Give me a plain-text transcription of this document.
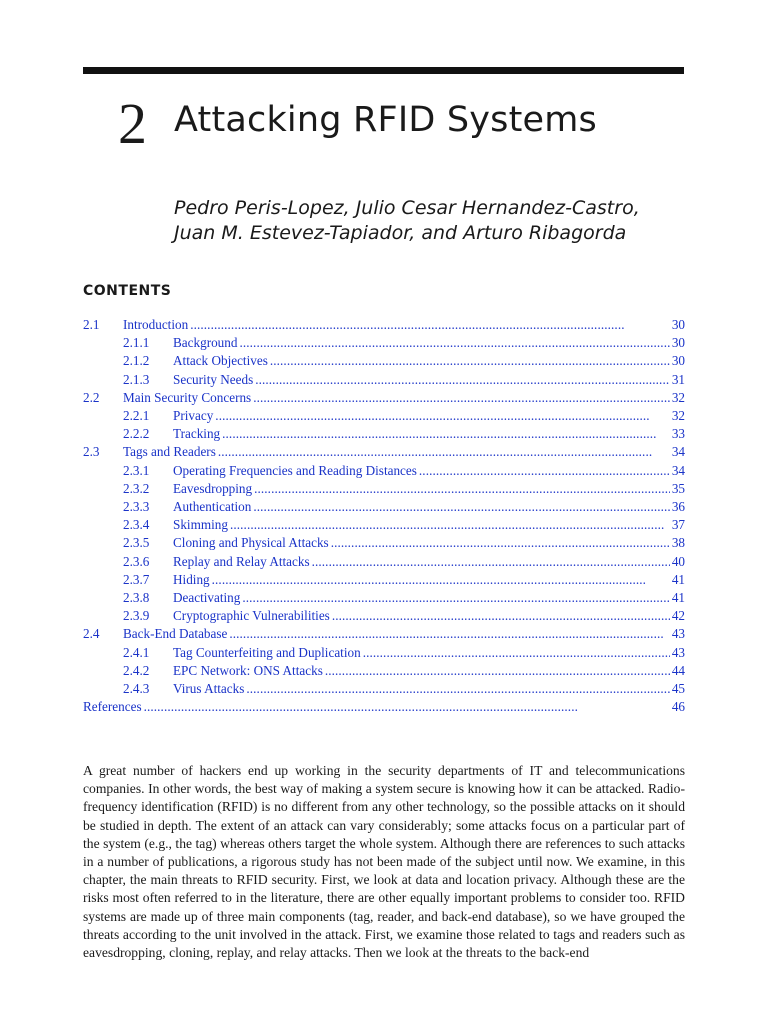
2 Attacking RFID Systems
Pedro Peris-Lopez, Julio Cesar Hernandez-Castro,
Juan M. Estevez-Tapiador, and Arturo Ribagorda
CONTENTS
2.1	Introduction . . .	30
2.1.1	Background . . .	30
2.1.2	Attack Objectives . . .	30
2.1.3	Security Needs . . .	31
2.2	Main Security Concerns . . .	32
2.2.1	Privacy . . .	32
2.2.2	Tracking . . .	33
2.3	Tags and Readers . . .	34
2.3.1	Operating Frequencies and Reading Distances . . .	34
2.3.2	Eavesdropping . . .	35
2.3.3	Authentication . . .	36
2.3.4	Skimming . . .	37
2.3.5	Cloning and Physical Attacks . . .	38
2.3.6	Replay and Relay Attacks . . .	40
2.3.7	Hiding . . .	41
2.3.8	Deactivating . . .	41
2.3.9	Cryptographic Vulnerabilities . . .	42
2.4	Back-End Database . . .	43
2.4.1	Tag Counterfeiting and Duplication . . .	43
2.4.2	EPC Network: ONS Attacks . . .	44
2.4.3	Virus Attacks . . .	45
References . . .	46
A great number of hackers end up working in the security departments of IT and telecommunications companies. In other words, the best way of making a system secure is knowing how it can be attacked. Radio-frequency identification (RFID) is no different from any other technology, so the possible attacks on it should be studied in depth. The extent of an attack can vary considerably; some attacks focus on a particular part of the system (e.g., the tag) whereas others target the whole system. Although there are references to such attacks in a number of publications, a rigorous study has not been made of the subject until now. We examine, in this chapter, the main threats to RFID security. First, we look at data and location privacy. Although these are the risks most often referred to in the literature, there are other equally important problems to consider too. RFID systems are made up of three main components (tag, reader, and back-end database), so we have grouped the threats according to the unit involved in the attack. First, we examine those related to tags and readers such as eavesdropping, cloning, replay, and relay attacks. Then we look at the threats to the back-end
